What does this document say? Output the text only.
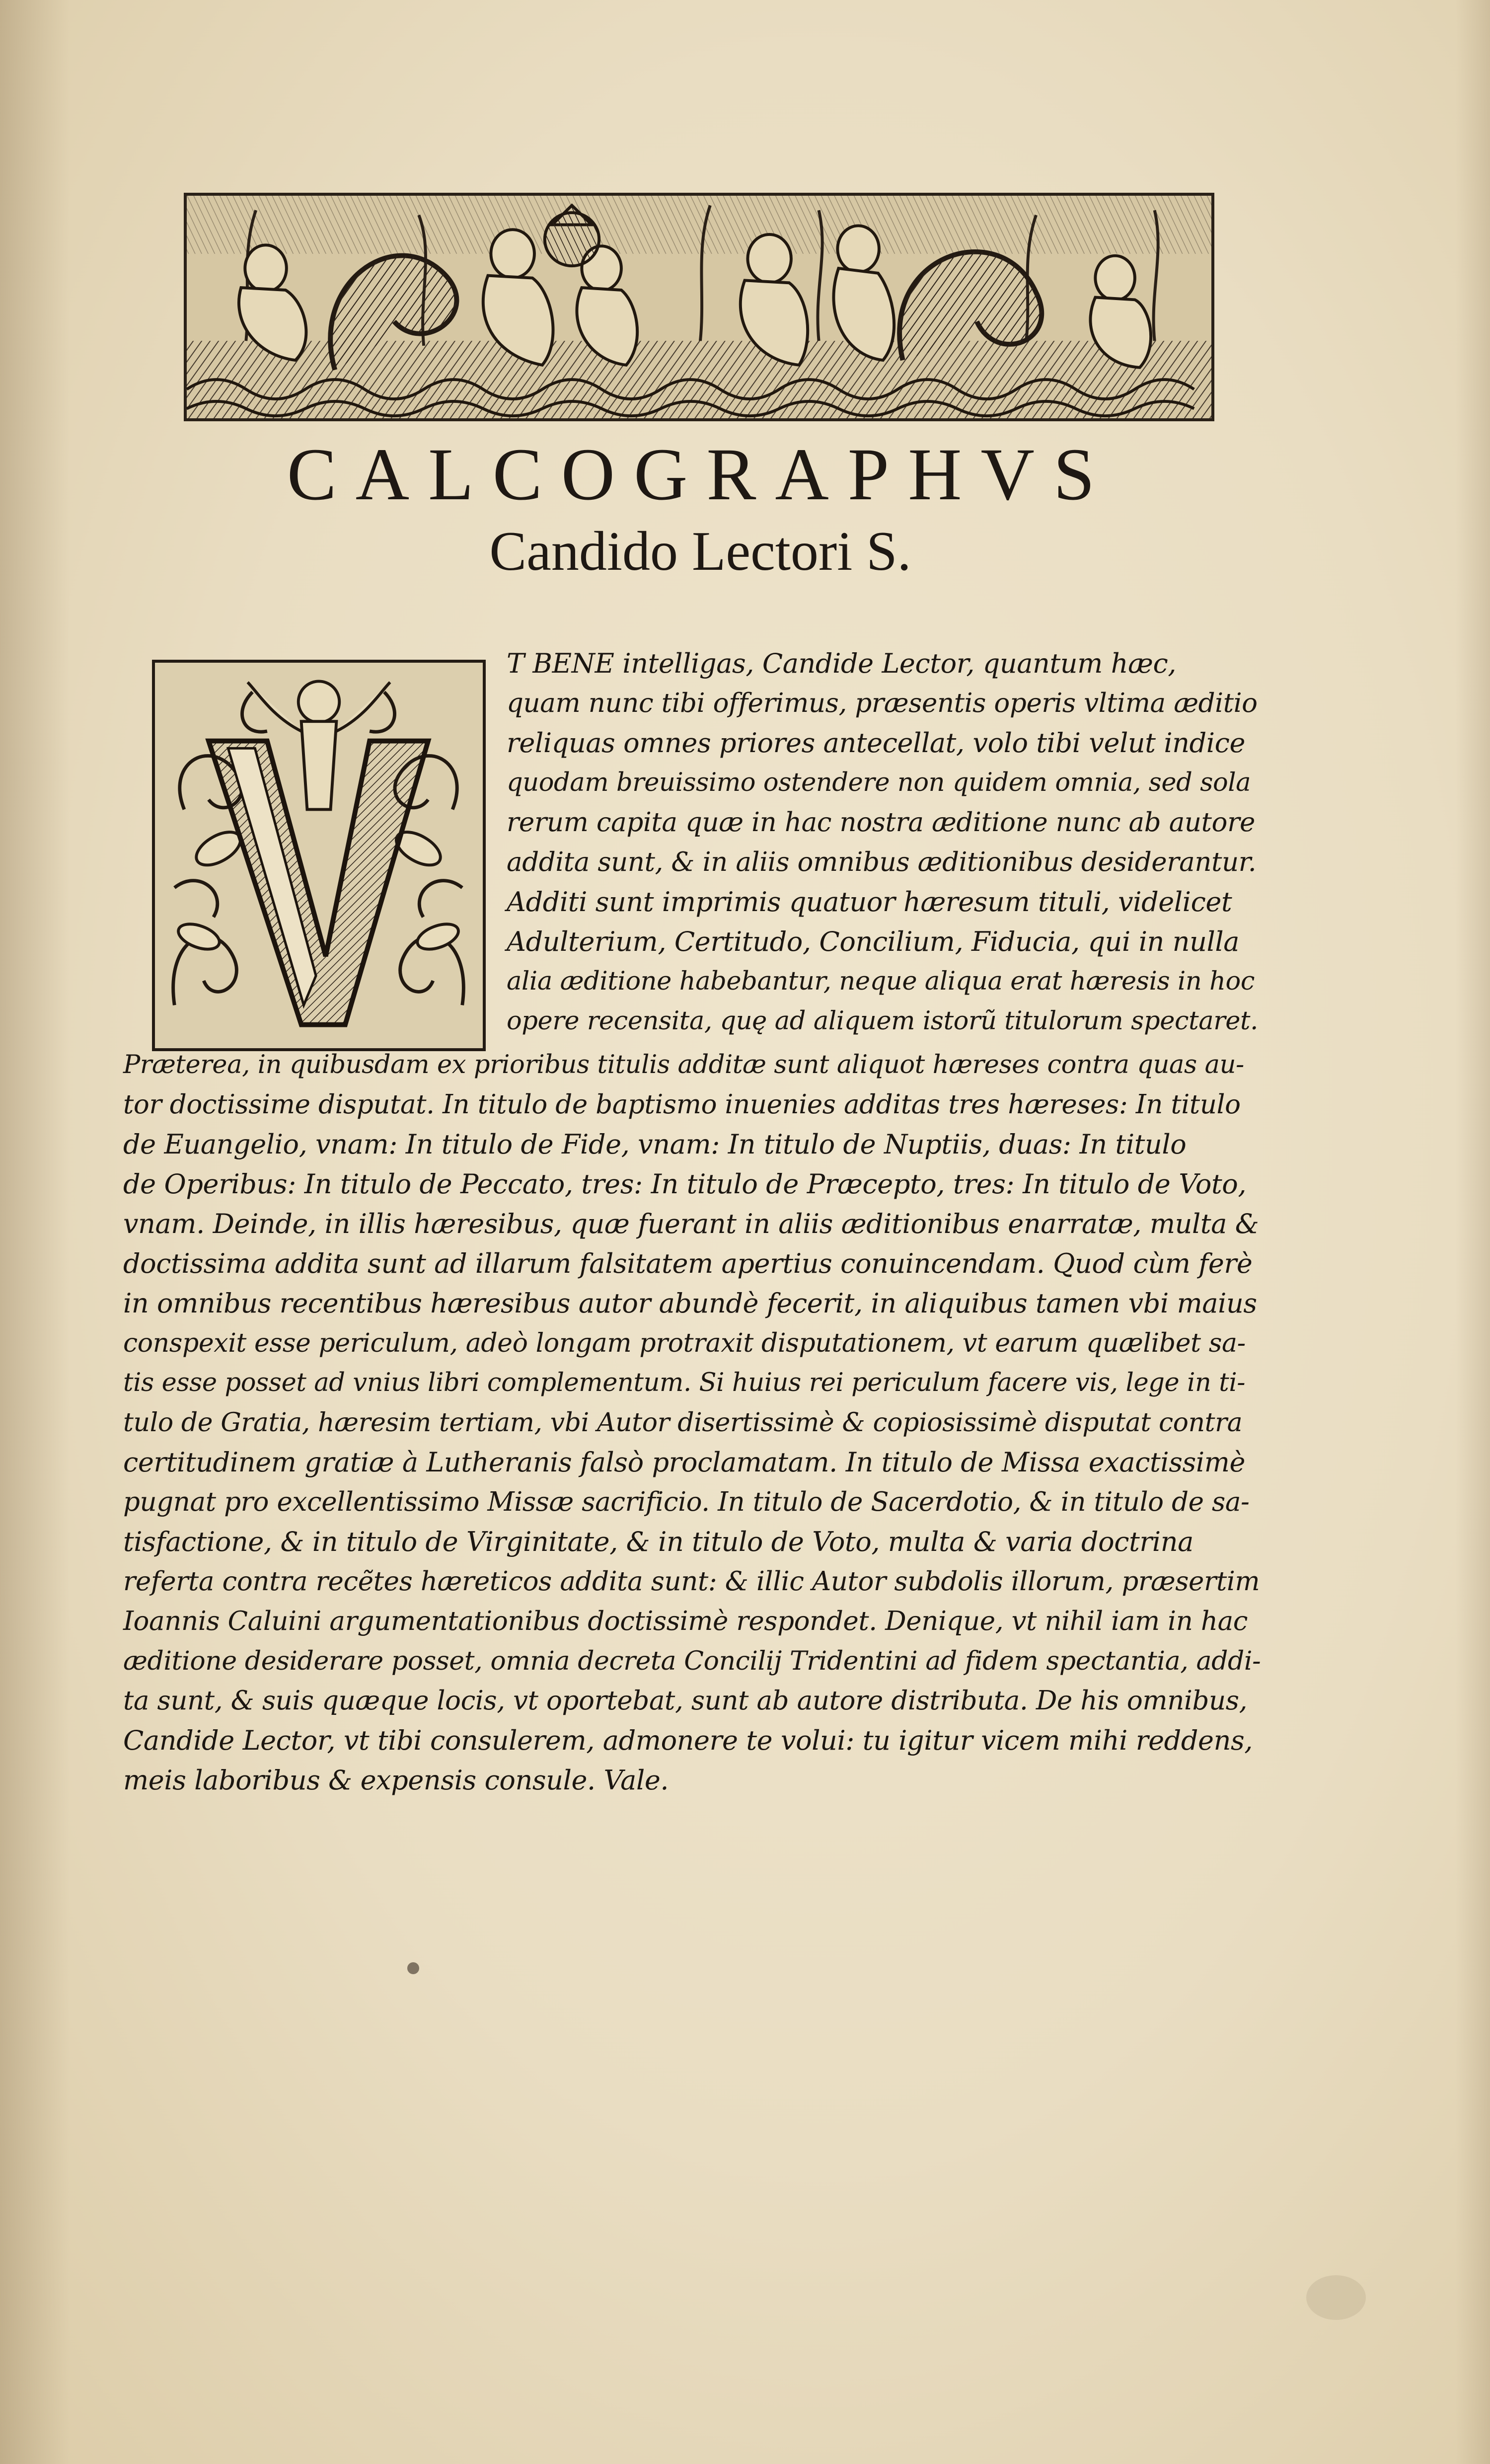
CALCOGRAPHVS
Candido Lectori S.
T BENE intelligas, Candide Lector, quantum hæc,
quam nunc tibi offerimus, præsentis operis vltima æditio
reliquas omnes priores antecellat, volo tibi velut indice
quodam breuissimo ostendere non quidem omnia, sed sola
rerum capita quæ in hac nostra æditione nunc ab autore
addita sunt, & in aliis omnibus æditionibus desiderantur.
Additi sunt imprimis quatuor hæresum tituli, videlicet
Adulterium, Certitudo, Concilium, Fiducia, qui in nulla
alia æditione habebantur, neque aliqua erat hæresis in hoc
opere recensita, quę ad aliquem istorũ titulorum spectaret.
Præterea, in quibusdam ex prioribus titulis additæ sunt aliquot hæreses contra quas au-
tor doctissime disputat. In titulo de baptismo inuenies additas tres hæreses: In titulo
de Euangelio, vnam: In titulo de Fide, vnam: In titulo de Nuptiis, duas: In titulo
de Operibus: In titulo de Peccato, tres: In titulo de Præcepto, tres: In titulo de Voto,
vnam. Deinde, in illis hæresibus, quæ fuerant in aliis æditionibus enarratæ, multa &
doctissima addita sunt ad illarum falsitatem apertius conuincendam. Quod cùm ferè
in omnibus recentibus hæresibus autor abundè fecerit, in aliquibus tamen vbi maius
conspexit esse periculum, adeò longam protraxit disputationem, vt earum quælibet sa-
tis esse posset ad vnius libri complementum. Si huius rei periculum facere vis, lege in ti-
tulo de Gratia, hæresim tertiam, vbi Autor disertissimè & copiosissimè disputat contra
certitudinem gratiæ à Lutheranis falsò proclamatam. In titulo de Missa exactissimè
pugnat pro excellentissimo Missæ sacrificio. In titulo de Sacerdotio, & in titulo de sa-
tisfactione, & in titulo de Virginitate, & in titulo de Voto, multa & varia doctrina
referta contra recẽtes hæreticos addita sunt: & illic Autor subdolis illorum, præsertim
Ioannis Caluini argumentationibus doctissimè respondet. Denique, vt nihil iam in hac
æditione desiderare posset, omnia decreta Concilij Tridentini ad fidem spectantia, addi-
ta sunt, & suis quæque locis, vt oportebat, sunt ab autore distributa. De his omnibus,
Candide Lector, vt tibi consulerem, admonere te volui: tu igitur vicem mihi reddens,
meis laboribus & expensis consule. Vale.
